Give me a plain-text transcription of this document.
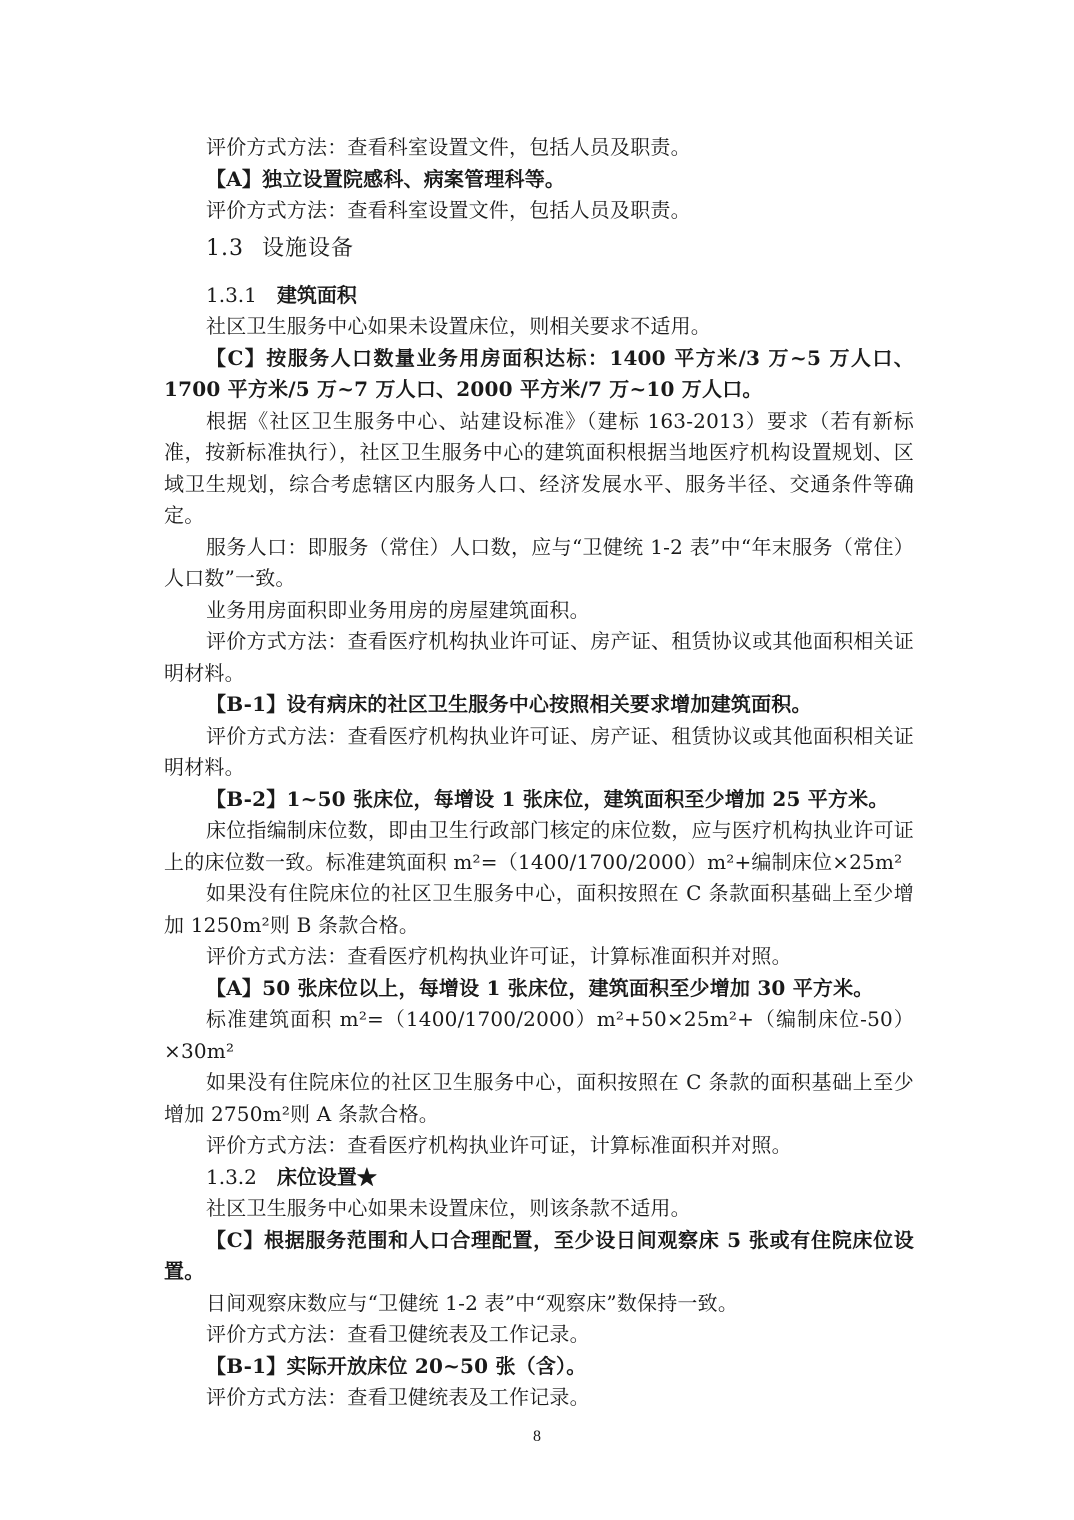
评价方式方法：查看科室设置文件，包括人员及职责。

【A】独立设置院感科、病案管理科等。

评价方式方法：查看科室设置文件，包括人员及职责。

1.3 设施设备
1.3.1 建筑面积

社区卫生服务中心如果未设置床位，则相关要求不适用。

【C】按服务人口数量业务用房面积达标：1400 平方米/3 万~5 万人口、1700 平方米/5 万~7 万人口、2000 平方米/7 万~10 万人口。

根据《社区卫生服务中心、站建设标准》（建标 163-2013）要求（若有新标准，按新标准执行），社区卫生服务中心的建筑面积根据当地医疗机构设置规划、区域卫生规划，综合考虑辖区内服务人口、经济发展水平、服务半径、交通条件等确定。

服务人口：即服务（常住）人口数，应与“卫健统 1-2 表”中“年末服务（常住）人口数”一致。

业务用房面积即业务用房的房屋建筑面积。

评价方式方法：查看医疗机构执业许可证、房产证、租赁协议或其他面积相关证明材料。

【B-1】设有病床的社区卫生服务中心按照相关要求增加建筑面积。

评价方式方法：查看医疗机构执业许可证、房产证、租赁协议或其他面积相关证明材料。

【B-2】1~50 张床位，每增设 1 张床位，建筑面积至少增加 25 平方米。

床位指编制床位数，即由卫生行政部门核定的床位数，应与医疗机构执业许可证上的床位数一致。标准建筑面积 m²=（1400/1700/2000）m²+编制床位×25m²

如果没有住院床位的社区卫生服务中心，面积按照在 C 条款面积基础上至少增加 1250m²则 B 条款合格。

评价方式方法：查看医疗机构执业许可证，计算标准面积并对照。

【A】50 张床位以上，每增设 1 张床位，建筑面积至少增加 30 平方米。

标准建筑面积 m²=（1400/1700/2000）m²+50×25m²+（编制床位-50）×30m²

如果没有住院床位的社区卫生服务中心，面积按照在 C 条款的面积基础上至少增加 2750m²则 A 条款合格。

评价方式方法：查看医疗机构执业许可证，计算标准面积并对照。

1.3.2 床位设置★

社区卫生服务中心如果未设置床位，则该条款不适用。

【C】根据服务范围和人口合理配置，至少设日间观察床 5 张或有住院床位设置。

日间观察床数应与“卫健统 1-2 表”中“观察床”数保持一致。

评价方式方法：查看卫健统表及工作记录。

【B-1】实际开放床位 20~50 张（含）。

评价方式方法：查看卫健统表及工作记录。

8
